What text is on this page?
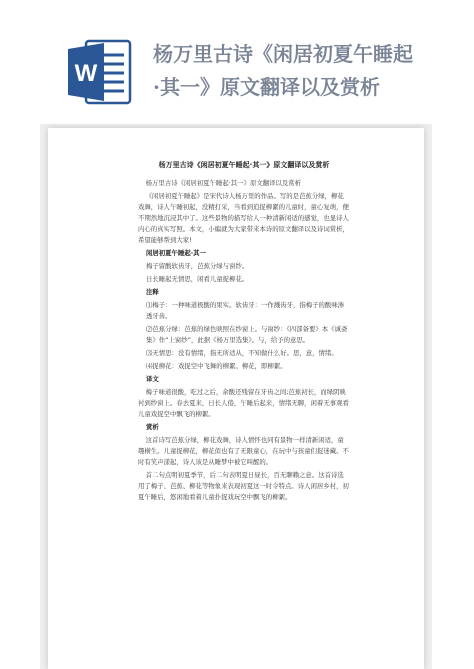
W
杨万里古诗《闲居初夏午睡起
·其一》原文翻译以及赏析
杨万里古诗《闲居初夏午睡起·其一》原文翻译以及赏析

杨万里古诗《闲居初夏午睡起·其一》原文翻译以及赏析

《闲居初夏午睡起》是宋代诗人杨万里的作品。写的是芭蕉分绿，柳花戏舞，诗人午睡初起，没精打采，当看到追捉柳絮的儿童时，童心复萌，便不期然地沉浸其中了。这些景物的描写给人一种清新闲适的感觉，也显诗人内心的真实写照。本文，小编就为大家带来本诗的原文翻译以及诗词赏析，希望能够帮到大家!

闲居初夏午睡起·其一

梅子留酸软齿牙，芭蕉分绿与窗纱。

日长睡起无情思，闲看儿童捉柳花。

注释

⑴梅子：一种味道极酸的果实。软齿牙：一作溅齿牙，指梅子的酸味渗透牙齿。

⑵芭蕉分绿：芭蕉的绿色映照在纱窗上。与窗纱：《四部备要》本《诚斋集》作“上窗纱”，此据《杨万里选集》。与，给予的意思。

⑶无情思：没有情绪，指无所适从，不知做什么好。思，意，情绪。

⑷捉柳花：戏捉空中飞舞的柳絮。柳花，即柳絮。

译文

梅子味道很酸，吃过之后，余酸还残留在牙齿之间;芭蕉初长，而绿阴映衬到纱窗上。春去夏来，日长人倦，午睡后起来，情绪无聊，闲着无事观看儿童戏捉空中飘飞的柳絮。

赏析

这首诗写芭蕉分绿，柳花戏舞，诗人情怀也同有景物一样清新闲适，童趣横生。儿童捉柳花，柳花似也有了无限童心，在玩中与孩童们捉迷藏。不时有笑声漾起，诗人该是从睡梦中被它叫醒的。

首二句点明初夏季节，后二句表明夏日昼长，百无聊赖之意。这首诗选用了梅子、芭蕉、柳花等物象来表现初夏这一时令特点。诗人闲居乡村，初夏午睡后，悠闲地看着儿童扑捉戏玩空中飘飞的柳絮。
